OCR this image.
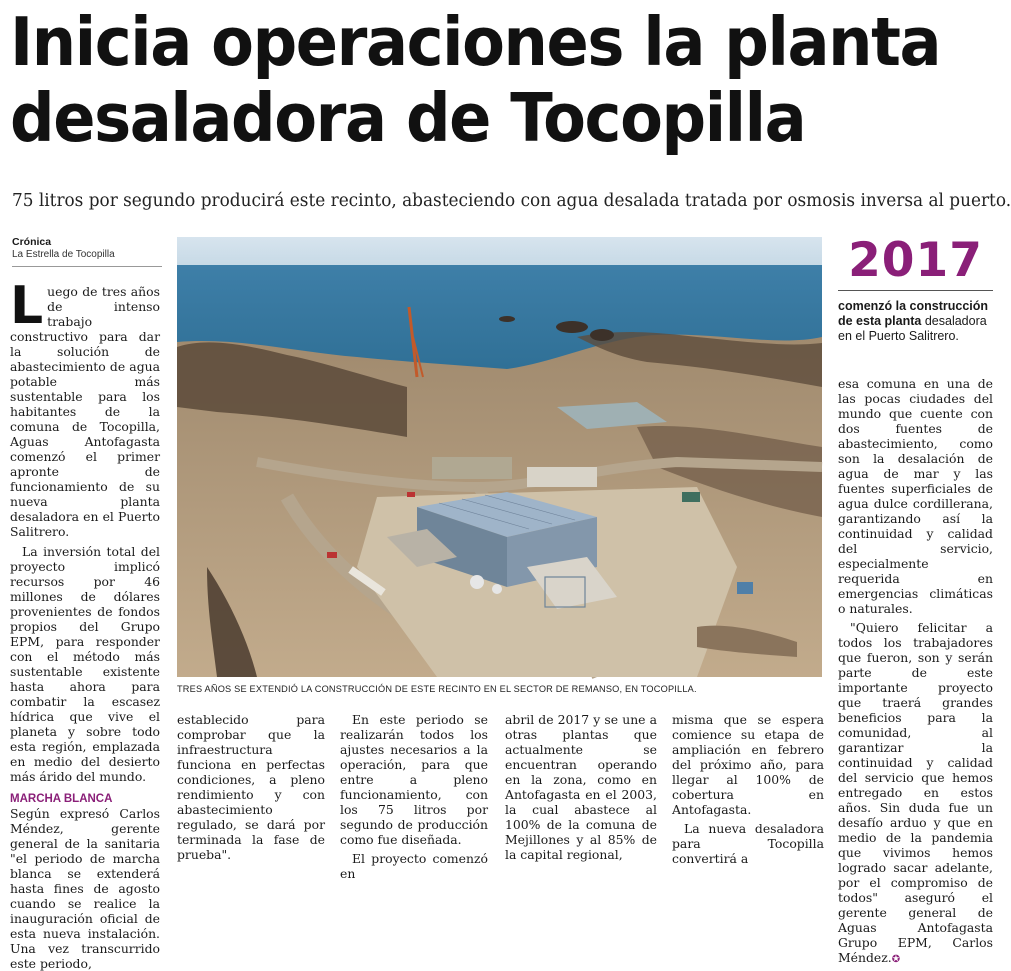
Inicia operaciones la planta
desaladora de Tocopilla
75 litros por segundo producirá este recinto, abasteciendo con agua desalada tratada por osmosis inversa al puerto.
Crónica
La Estrella de Tocopilla

Luego de tres años de intenso trabajo constructivo para dar la solución de abastecimiento de agua potable más sustentable para los habitantes de la comuna de Tocopilla, Aguas Antofagasta comenzó el primer apronte de funcionamiento de su nueva planta desaladora en el Puerto Salitrero.

La inversión total del proyecto implicó recursos por 46 millones de dólares provenientes de fondos propios del Grupo EPM, para responder con el método más sustentable existente hasta ahora para combatir la escasez hídrica que vive el planeta y sobre todo esta región, emplazada en medio del desierto más árido del mundo.

MARCHA BLANCA

Según expresó Carlos Méndez, gerente general de la sanitaria "el periodo de marcha blanca se extenderá hasta fines de agosto cuando se realice la inauguración oficial de esta nueva instalación. Una vez transcurrido este periodo,

TRES AÑOS SE EXTENDIÓ LA CONSTRUCCIÓN DE ESTE RECINTO EN EL SECTOR DE REMANSO, EN TOCOPILLA.

establecido para comprobar que la infraestructura funciona en perfectas condiciones, a pleno rendimiento y con abastecimiento regulado, se dará por terminada la fase de prueba".

En este periodo se realizarán todos los ajustes necesarios a la operación, para que entre a pleno funcionamiento, con los 75 litros por segundo de producción como fue diseñada.

El proyecto comenzó en

abril de 2017 y se une a otras plantas que actualmente se encuentran operando en la zona, como en Antofagasta en el 2003, la cual abastece al 100% de la comuna de Mejillones y al 85% de la capital regional,

misma que se espera comience su etapa de ampliación en febrero del próximo año, para llegar al 100% de cobertura en Antofagasta.

La nueva desaladora para Tocopilla convertirá a

2017
comenzó la construcción de esta planta desaladora en el Puerto Salitrero.

esa comuna en una de las pocas ciudades del mundo que cuente con dos fuentes de abastecimiento, como son la desalación de agua de mar y las fuentes superficiales de agua dulce cordillerana, garantizando así la continuidad y calidad del servicio, especialmente requerida en emergencias climáticas o naturales.

"Quiero felicitar a todos los trabajadores que fueron, son y serán parte de este importante proyecto que traerá grandes beneficios para la comunidad, al garantizar la continuidad y calidad del servicio que hemos entregado en estos años. Sin duda fue un desafío arduo y que en medio de la pandemia que vivimos hemos logrado sacar adelante, por el compromiso de todos" aseguró el gerente general de Aguas Antofagasta Grupo EPM, Carlos Méndez.✪
